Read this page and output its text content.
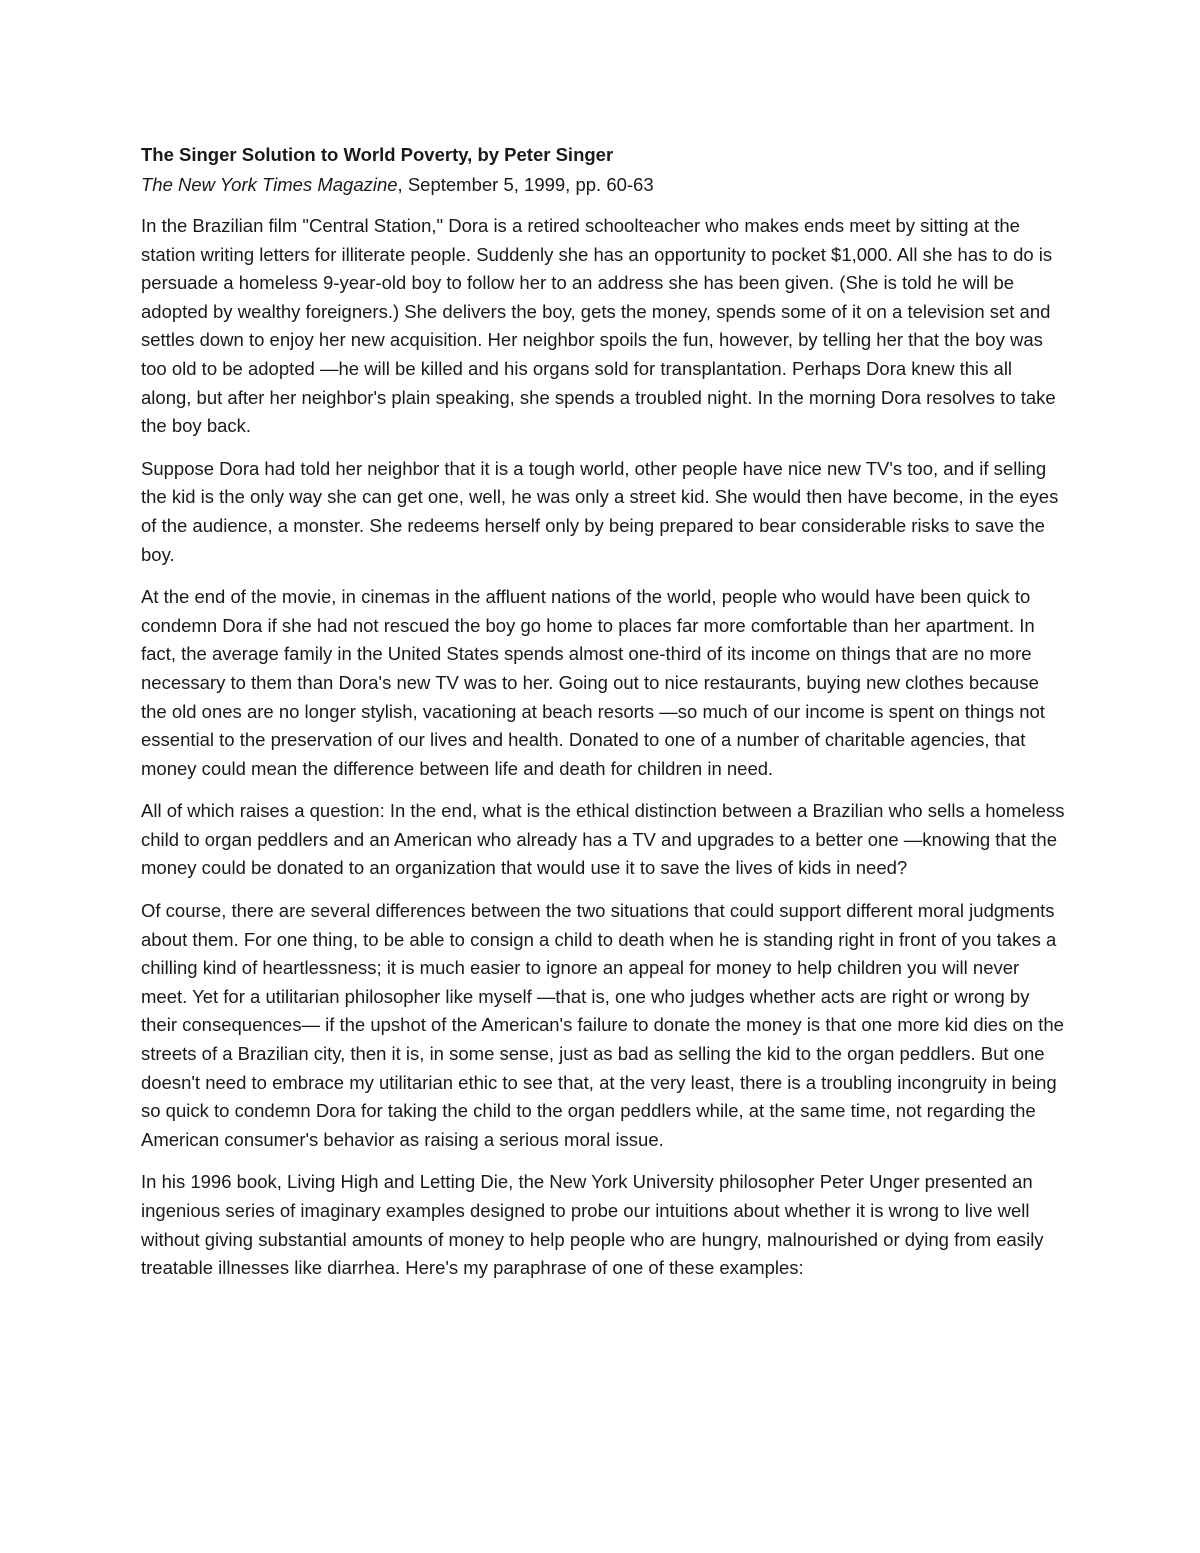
The Singer Solution to World Poverty, by Peter Singer

The New York Times Magazine, September 5, 1999, pp. 60-63

In the Brazilian film "Central Station," Dora is a retired schoolteacher who makes ends meet by sitting at the station writing letters for illiterate people. Suddenly she has an opportunity to pocket $1,000. All she has to do is persuade a homeless 9-year-old boy to follow her to an address she has been given. (She is told he will be adopted by wealthy foreigners.) She delivers the boy, gets the money, spends some of it on a television set and settles down to enjoy her new acquisition. Her neighbor spoils the fun, however, by telling her that the boy was too old to be adopted —he will be killed and his organs sold for transplantation. Perhaps Dora knew this all along, but after her neighbor's plain speaking, she spends a troubled night. In the morning Dora resolves to take the boy back.

Suppose Dora had told her neighbor that it is a tough world, other people have nice new TV's too, and if selling the kid is the only way she can get one, well, he was only a street kid. She would then have become, in the eyes of the audience, a monster. She redeems herself only by being prepared to bear considerable risks to save the boy.

At the end of the movie, in cinemas in the affluent nations of the world, people who would have been quick to condemn Dora if she had not rescued the boy go home to places far more comfortable than her apartment. In fact, the average family in the United States spends almost one-third of its income on things that are no more necessary to them than Dora's new TV was to her. Going out to nice restaurants, buying new clothes because the old ones are no longer stylish, vacationing at beach resorts —so much of our income is spent on things not essential to the preservation of our lives and health. Donated to one of a number of charitable agencies, that money could mean the difference between life and death for children in need.

All of which raises a question: In the end, what is the ethical distinction between a Brazilian who sells a homeless child to organ peddlers and an American who already has a TV and upgrades to a better one —knowing that the money could be donated to an organization that would use it to save the lives of kids in need?

Of course, there are several differences between the two situations that could support different moral judgments about them. For one thing, to be able to consign a child to death when he is standing right in front of you takes a chilling kind of heartlessness; it is much easier to ignore an appeal for money to help children you will never meet. Yet for a utilitarian philosopher like myself —that is, one who judges whether acts are right or wrong by their consequences— if the upshot of the American's failure to donate the money is that one more kid dies on the streets of a Brazilian city, then it is, in some sense, just as bad as selling the kid to the organ peddlers. But one doesn't need to embrace my utilitarian ethic to see that, at the very least, there is a troubling incongruity in being so quick to condemn Dora for taking the child to the organ peddlers while, at the same time, not regarding the American consumer's behavior as raising a serious moral issue.

In his 1996 book, Living High and Letting Die, the New York University philosopher Peter Unger presented an ingenious series of imaginary examples designed to probe our intuitions about whether it is wrong to live well without giving substantial amounts of money to help people who are hungry, malnourished or dying from easily treatable illnesses like diarrhea. Here's my paraphrase of one of these examples:
